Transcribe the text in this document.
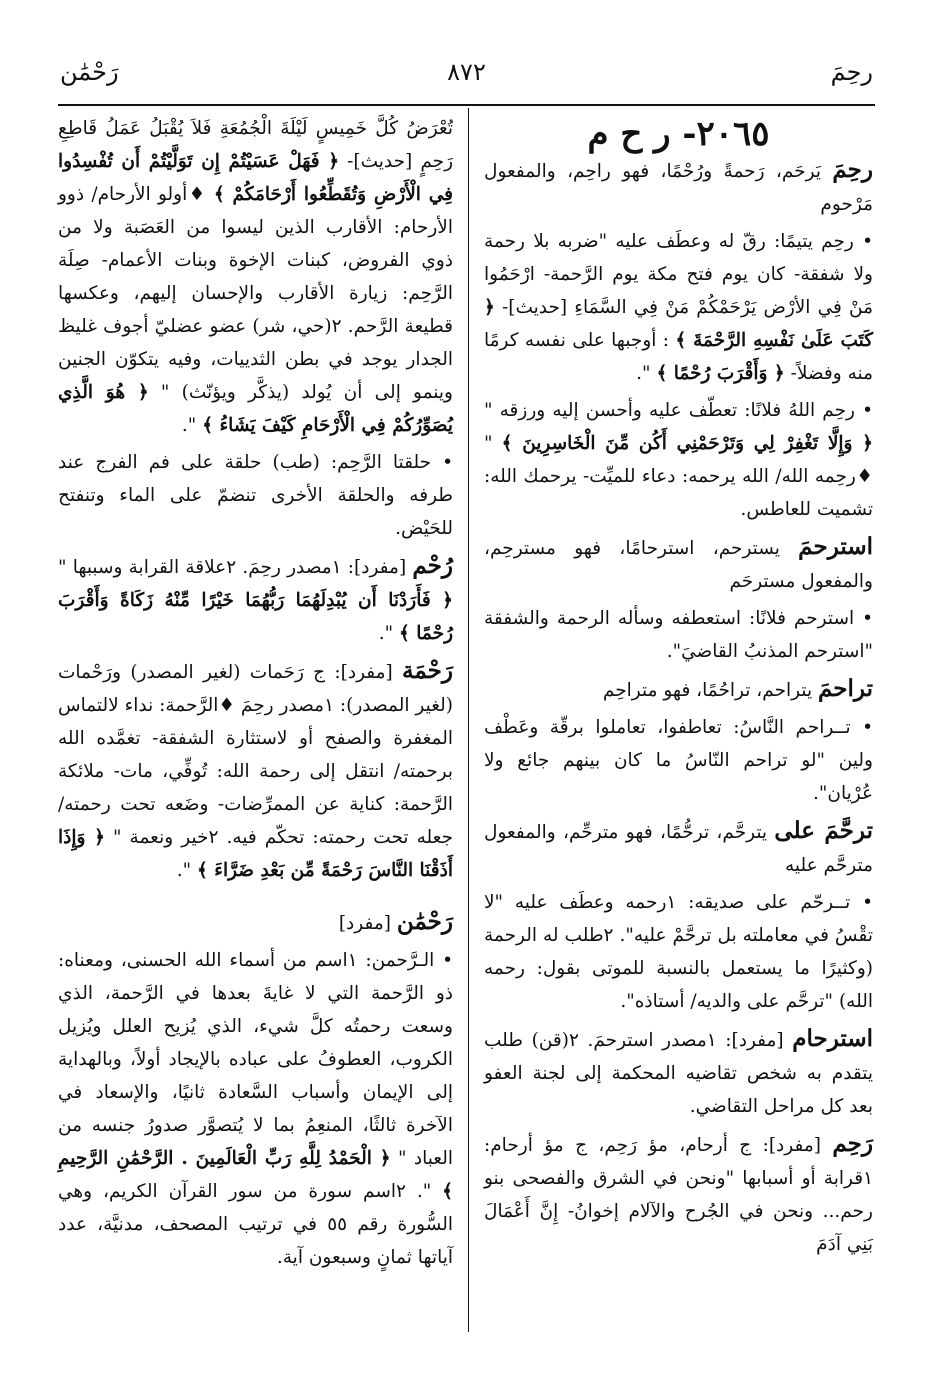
رَحْمَٰن	٨٧٢	رحِمَ
٢٠٦٥- ر ح م

رحِمَ يَرحَم، رَحمةً ورُحْمًا، فهو راحِم، والمفعول مَرْحوم

• رحِم يتيمًا: رقّ له وعطَف عليه "ضربه بلا رحمة ولا شفقة- كان يوم فتح مكة يوم الرَّحمة- ارْحَمُوا مَنْ فِي الأرْض يَرْحَمْكُمْ مَنْ فِي السَّمَاءِ [حديث]- ﴿ كَتَبَ عَلَىٰ نَفْسِهِ الرَّحْمَةَ ﴾ : أوجبها على نفسه كرمًا منه وفضلاً- ﴿ وَأَقْرَبَ رُحْمًا ﴾ ".

• رحِم اللهُ فلانًا: تعطّف عليه وأحسن إليه ورزقه " ﴿ وَإِلَّا تَغْفِرْ لِي وَتَرْحَمْنِي أَكُن مِّنَ الْخَاسِرِينَ ﴾ " ♦رحِمه الله/ الله يرحمه: دعاء للميِّت- يرحمك الله: تشميت للعاطس.

استرحمَ يسترحم، استرحامًا، فهو مسترحِم، والمفعول مسترحَم

• استرحم فلانًا: استعطفه وسأله الرحمة والشفقة "استرحم المذنبُ القاضيَ".

تراحمَ يتراحم، تراحُمًا، فهو متراحِم

• تــراحم النَّاسُ: تعاطفوا، تعاملوا برقّة وعَطْف ولين "لو تراحم النّاسُ ما كان بينهم جائع ولا عُرْيان".

ترحَّمَ على يترحَّم، ترحُّمًا، فهو مترحِّم، والمفعول مترحَّم عليه

• تــرحّم على صديقه: ١رحمه وعطَف عليه "لا تقْسُ في معاملته بل ترحَّمْ عليه". ٢طلب له الرحمة (وكثيرًا ما يستعمل بالنسبة للموتى بقول: رحمه الله) "ترحَّم على والديه/ أستاذه".

استرحام [مفرد]: ١مصدر استرحمَ. ٢(قن) طلب يتقدم به شخص تقاضيه المحكمة إلى لجنة العفو بعد كل مراحل التقاضي.

رَحِم [مفرد]: ج أرحام، مؤ رَحِم، ج مؤ أرحام: ١قرابة أو أسبابها "ونحن في الشرق والفصحى بنو رحم... ونحن في الجُرح والآلام إخوانُ- إِنَّ أَعْمَالَ بَنِي آدَمَ

تُعْرَضُ كُلَّ خَمِيسٍ لَيْلَةَ الْجُمُعَةِ فَلاَ يُقْبَلُ عَمَلُ قَاطِعِ رَحِمٍ [حديث]- ﴿ فَهَلْ عَسَيْتُمْ إِن تَوَلَّيْتُمْ أَن تُفْسِدُوا فِي الْأَرْضِ وَتُقَطِّعُوا أَرْحَامَكُمْ ﴾ ♦أولو الأرحام/ ذوو الأرحام: الأقارب الذين ليسوا من العَصَبة ولا من ذوي الفروض، كبنات الإخوة وبنات الأعمام- صِلَة الرَّحِم: زيارة الأقارب والإحسان إليهم، وعكسها قطيعة الرَّحم. ٢(حي، شر) عضو عضليّ أجوف غليظ الجدار يوجد في بطن الثدييات، وفيه يتكوّن الجنين وينمو إلى أن يُولد (يذكَّر ويؤنّث) " ﴿ هُوَ الَّذِي يُصَوِّرُكُمْ فِي الْأَرْحَامِ كَيْفَ يَشَاءُ ﴾ ".

• حلقتا الرَّحِم: (طب) حلقة على فم الفرج عند طرفه والحلقة الأخرى تنضمّ على الماء وتنفتح للحَيْض.

رُحْم [مفرد]: ١مصدر رحِمَ. ٢علاقة القرابة وسببها " ﴿ فَأَرَدْنَا أَن يُبْدِلَهُمَا رَبُّهُمَا خَيْرًا مِّنْهُ زَكَاةً وَأَقْرَبَ رُحْمًا ﴾ ".

رَحْمَة [مفرد]: ج رَحَمات (لغير المصدر) ورَحْمات (لغير المصدر): ١مصدر رحِمَ ♦الرَّحمة: نداء لالتماس المغفرة والصفح أو لاستثارة الشفقة- تغمَّده الله برحمته/ انتقل إلى رحمة الله: تُوفِّي، مات- ملائكة الرَّحمة: كناية عن الممرِّضات- وضَعه تحت رحمته/ جعله تحت رحمته: تحكّم فيه. ٢خير ونعمة " ﴿ وَإِذَا أَذَقْنَا النَّاسَ رَحْمَةً مِّن بَعْدِ ضَرَّاءَ ﴾ ".

رَحْمَٰن [مفرد]

• الـرَّحمن: ١اسم من أسماء الله الحسنى، ومعناه: ذو الرَّحمة التي لا غايةَ بعدها في الرَّحمة، الذي وسعت رحمتُه كلَّ شيء، الذي يُزيح العلل ويُزيل الكروب، العطوفُ على عباده بالإيجاد أولاً، وبالهداية إلى الإيمان وأسباب السَّعادة ثانيًا، والإسعاد في الآخرة ثالثًا، المنعِمُ بما لا يُتصوَّر صدورُ جنسه من العباد " ﴿ الْحَمْدُ لِلَّهِ رَبِّ الْعَالَمِينَ . الرَّحْمَٰنِ الرَّحِيمِ ﴾ ". ٢اسم سورة من سور القرآن الكريم، وهي السُّورة رقم ٥٥ في ترتيب المصحف، مدنيَّة، عدد آياتها ثمانٍ وسبعون آية.
